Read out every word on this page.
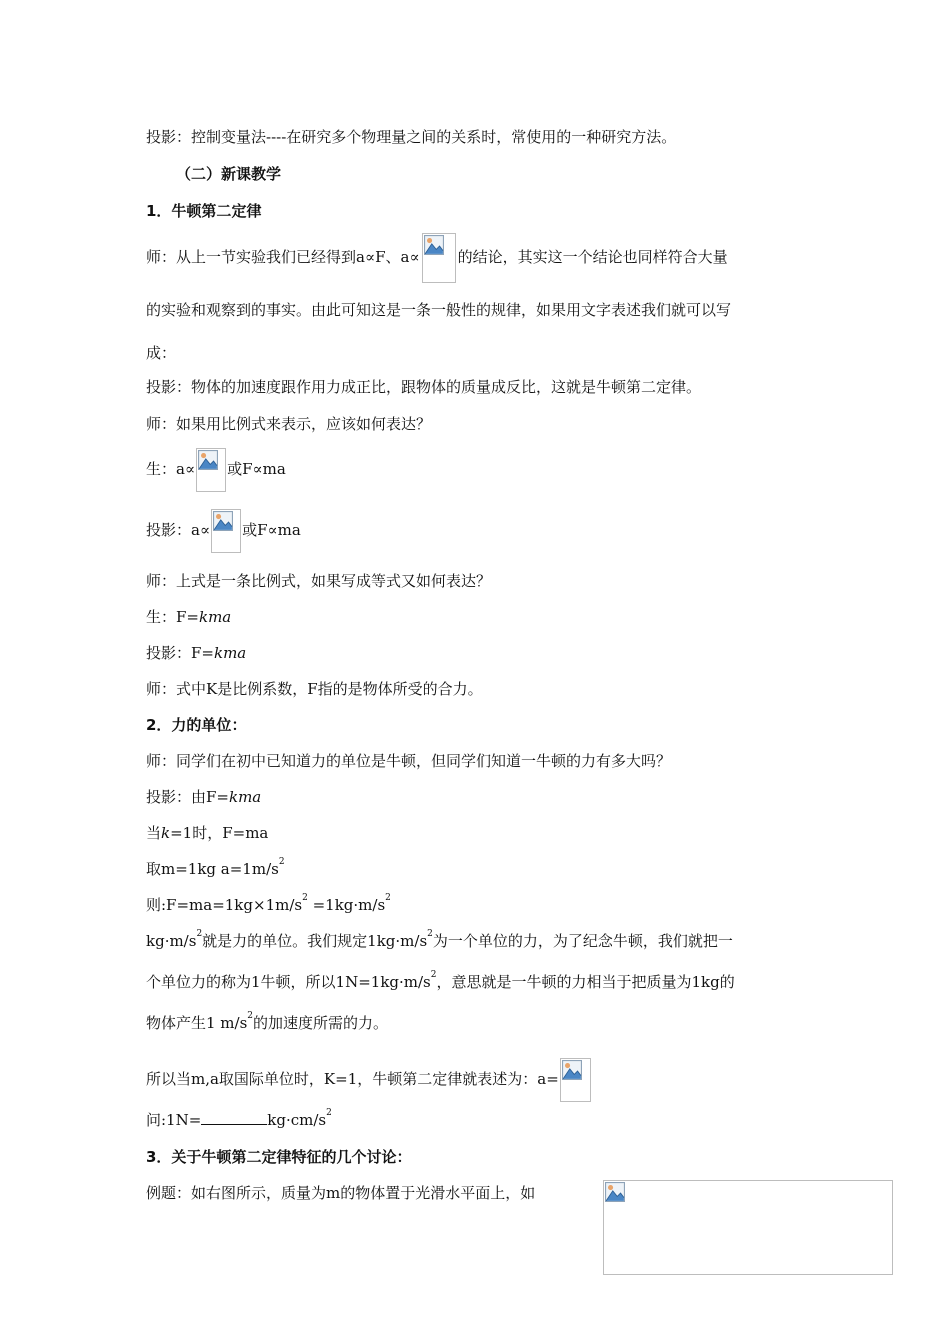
投影：控制变量法----在研究多个物理量之间的关系时，常使用的一种研究方法。
（二）新课教学
1．牛顿第二定律
师：从上一节实验我们已经得到a∝F、a∝	的结论，其实这一个结论也同样符合大量
的实验和观察到的事实。由此可知这是一条一般性的规律，如果用文字表述我们就可以写
成：
投影：物体的加速度跟作用力成正比，跟物体的质量成反比，这就是牛顿第二定律。
师：如果用比例式来表示，应该如何表达？
生：a∝ 或F∝ma
投影：a∝ 或F∝ma
师：上式是一条比例式，如果写成等式又如何表达？
生：F=kma
投影：F=kma
师：式中K是比例系数，F指的是物体所受的合力。
2．力的单位：
师：同学们在初中已知道力的单位是牛顿，但同学们知道一牛顿的力有多大吗？
投影：由F=kma
当k=1时，F=ma
取m=1kg $a=1m/s^2$
则$:F=ma=1kg\times 1m/s^2 =1kg\cdot m/s^2$
$kg\cdot m/s^2$就是力的单位。我们规定$1kg\cdot m/s^2$为一个单位的力，为了纪念牛顿，我们就把一
个单位力的称为1牛顿，所以$1N=1kg\cdot m/s^2$，意思就是一牛顿的力相当于把质量为1kg的
物体产生1 $m/s^2$的加速度所需的力。
所以当m,a取国际单位时，K=1，牛顿第二定律就表述为：a=
问:1N=	$kg\cdot cm/s^2$
3．关于牛顿第二定律特征的几个讨论：
例题：如右图所示，质量为m的物体置于光滑水平面上，如
